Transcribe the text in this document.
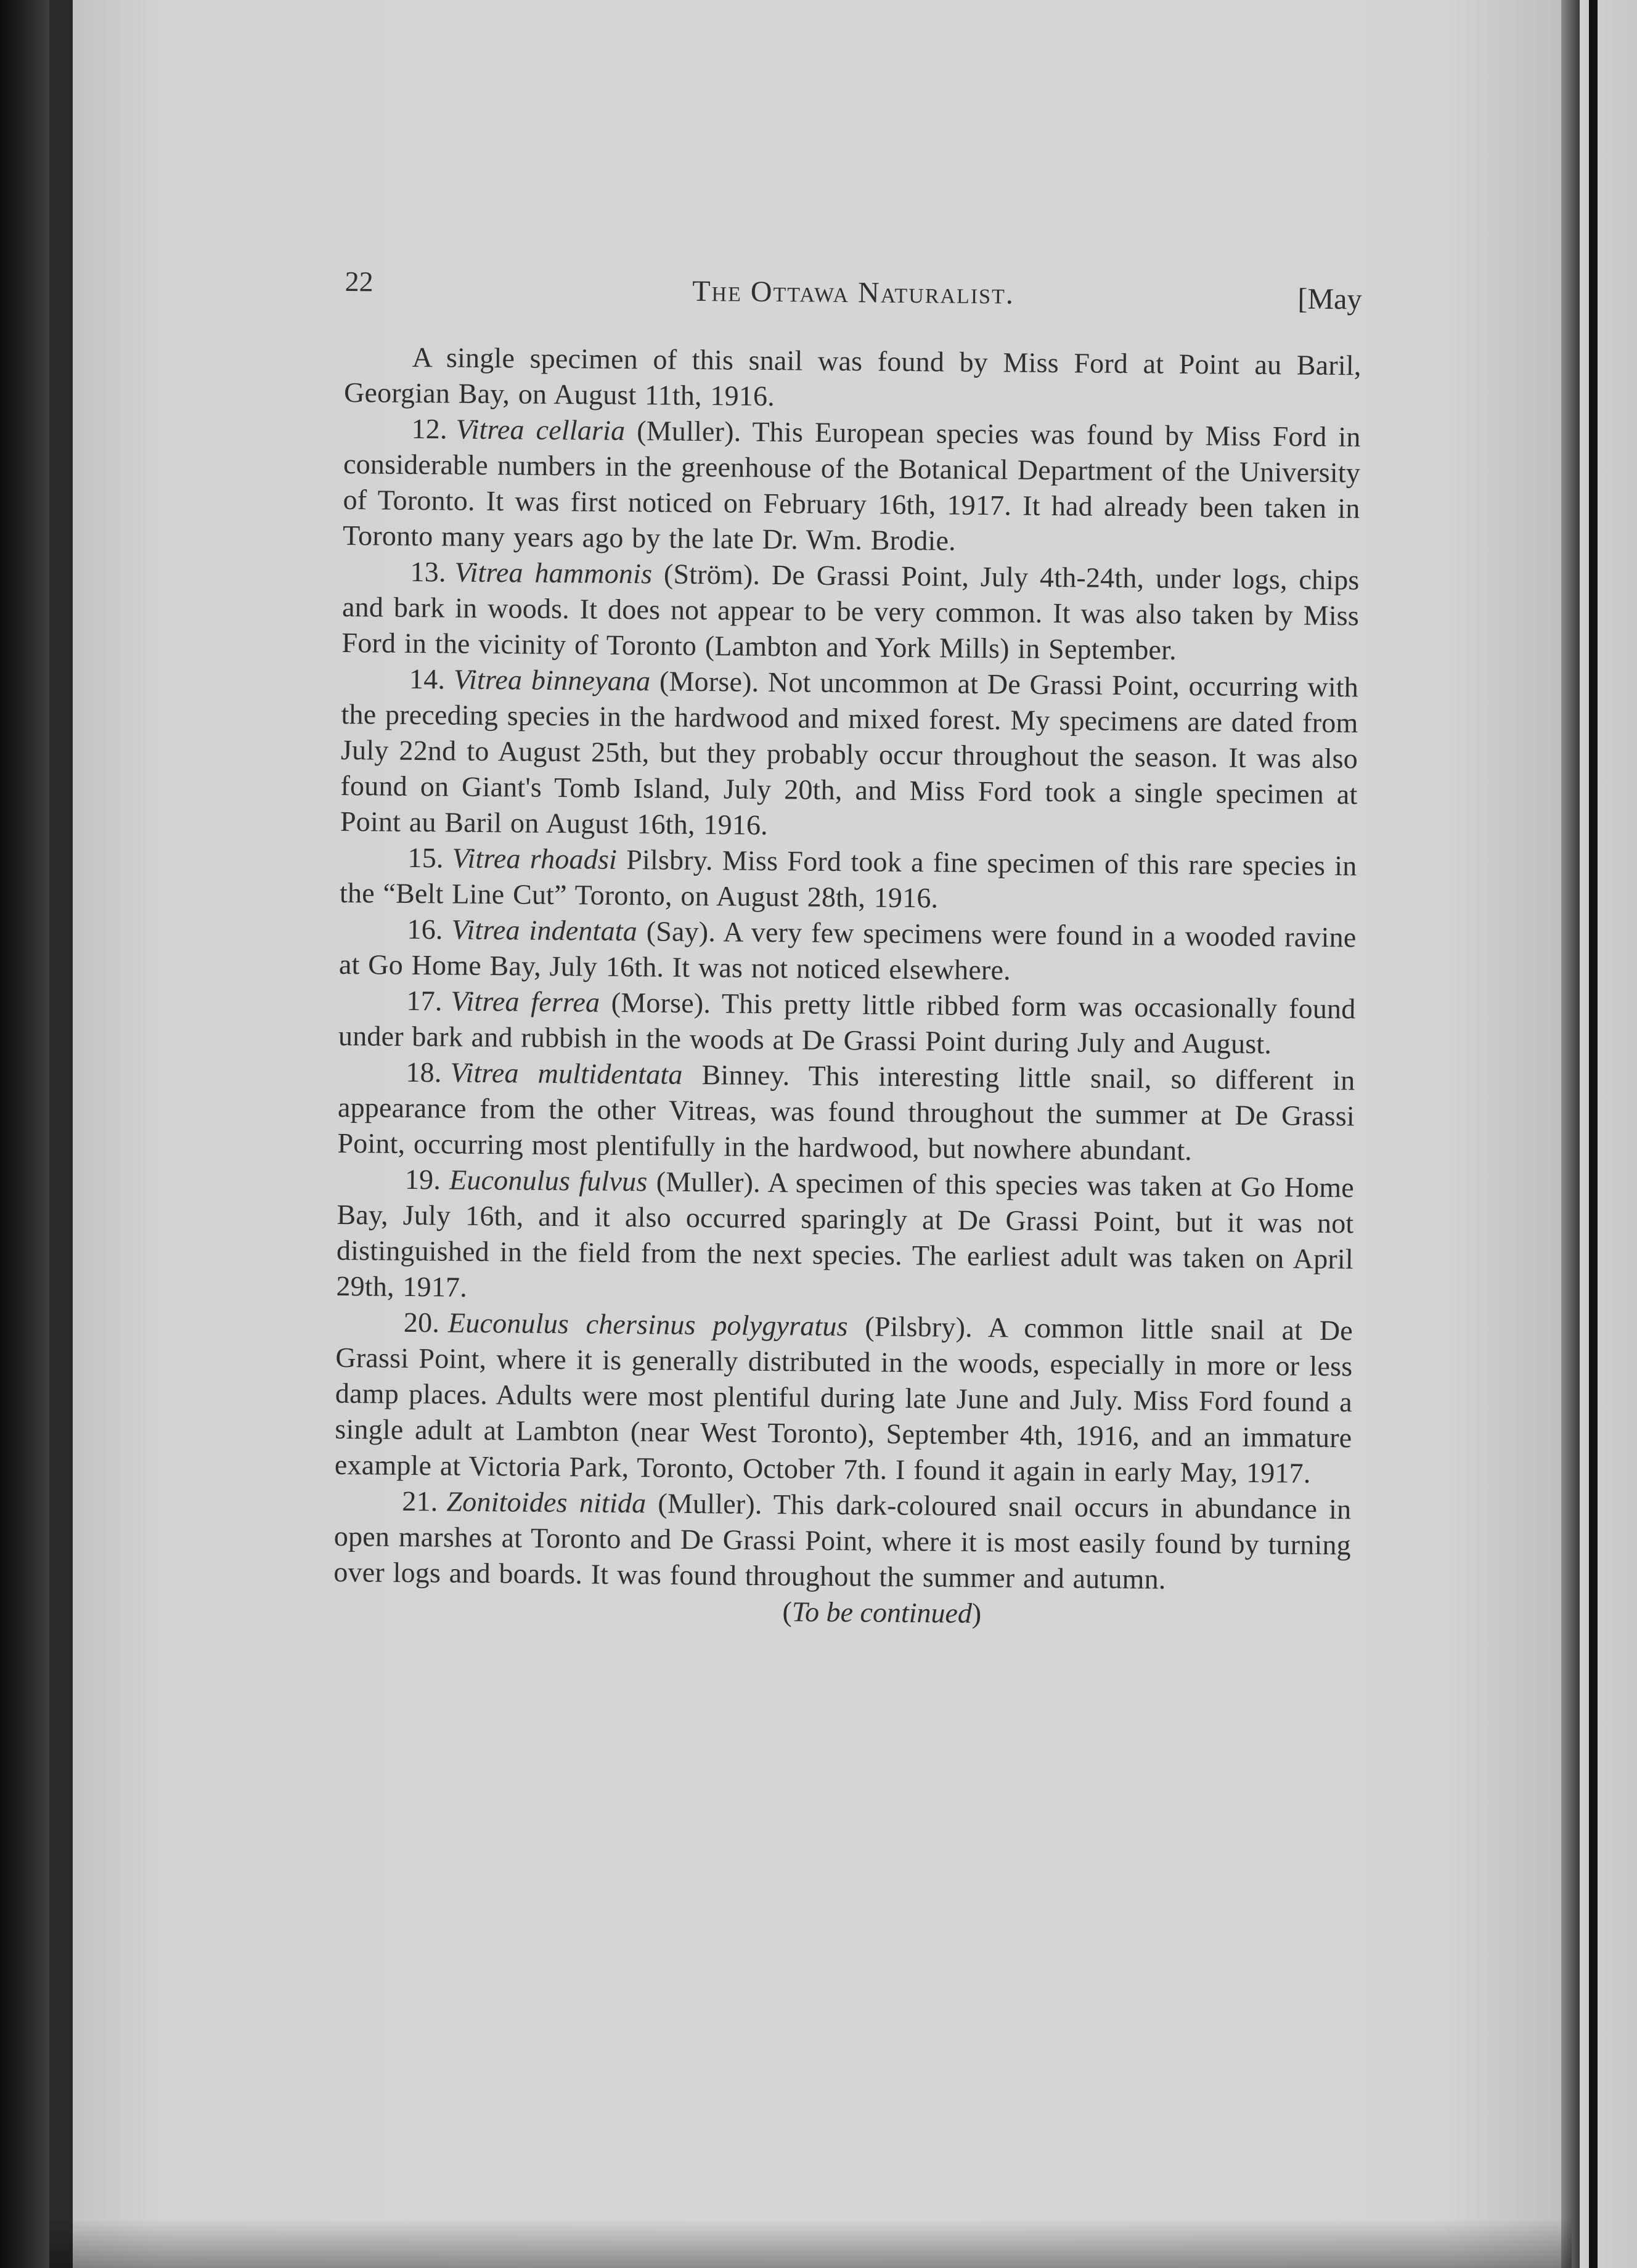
22	The Ottawa Naturalist.	[May

A single specimen of this snail was found by Miss Ford at Point au Baril, Georgian Bay, on August 11th, 1916.

12. Vitrea cellaria (Muller). This European species was found by Miss Ford in considerable numbers in the greenhouse of the Botanical Department of the University of Toronto. It was first noticed on February 16th, 1917. It had already been taken in Toronto many years ago by the late Dr. Wm. Brodie.

13. Vitrea hammonis (Ström). De Grassi Point, July 4th-24th, under logs, chips and bark in woods. It does not appear to be very common. It was also taken by Miss Ford in the vicinity of Toronto (Lambton and York Mills) in September.

14. Vitrea binneyana (Morse). Not uncommon at De Grassi Point, occurring with the preceding species in the hardwood and mixed forest. My specimens are dated from July 22nd to August 25th, but they probably occur throughout the season. It was also found on Giant's Tomb Island, July 20th, and Miss Ford took a single specimen at Point au Baril on August 16th, 1916.

15. Vitrea rhoadsi Pilsbry. Miss Ford took a fine specimen of this rare species in the “Belt Line Cut” Toronto, on August 28th, 1916.

16. Vitrea indentata (Say). A very few specimens were found in a wooded ravine at Go Home Bay, July 16th. It was not noticed elsewhere.

17. Vitrea ferrea (Morse). This pretty little ribbed form was occasionally found under bark and rubbish in the woods at De Grassi Point during July and August.

18. Vitrea multidentata Binney. This interesting little snail, so different in appearance from the other Vitreas, was found throughout the summer at De Grassi Point, occurring most plentifully in the hardwood, but nowhere abundant.

19. Euconulus fulvus (Muller). A specimen of this species was taken at Go Home Bay, July 16th, and it also occurred sparingly at De Grassi Point, but it was not distinguished in the field from the next species. The earliest adult was taken on April 29th, 1917.

20. Euconulus chersinus polygyratus (Pilsbry). A common little snail at De Grassi Point, where it is generally distributed in the woods, especially in more or less damp places. Adults were most plentiful during late June and July. Miss Ford found a single adult at Lambton (near West Toronto), September 4th, 1916, and an immature example at Victoria Park, Toronto, October 7th. I found it again in early May, 1917.

21. Zonitoides nitida (Muller). This dark-coloured snail occurs in abundance in open marshes at Toronto and De Grassi Point, where it is most easily found by turning over logs and boards. It was found throughout the summer and autumn.

(To be continued)
